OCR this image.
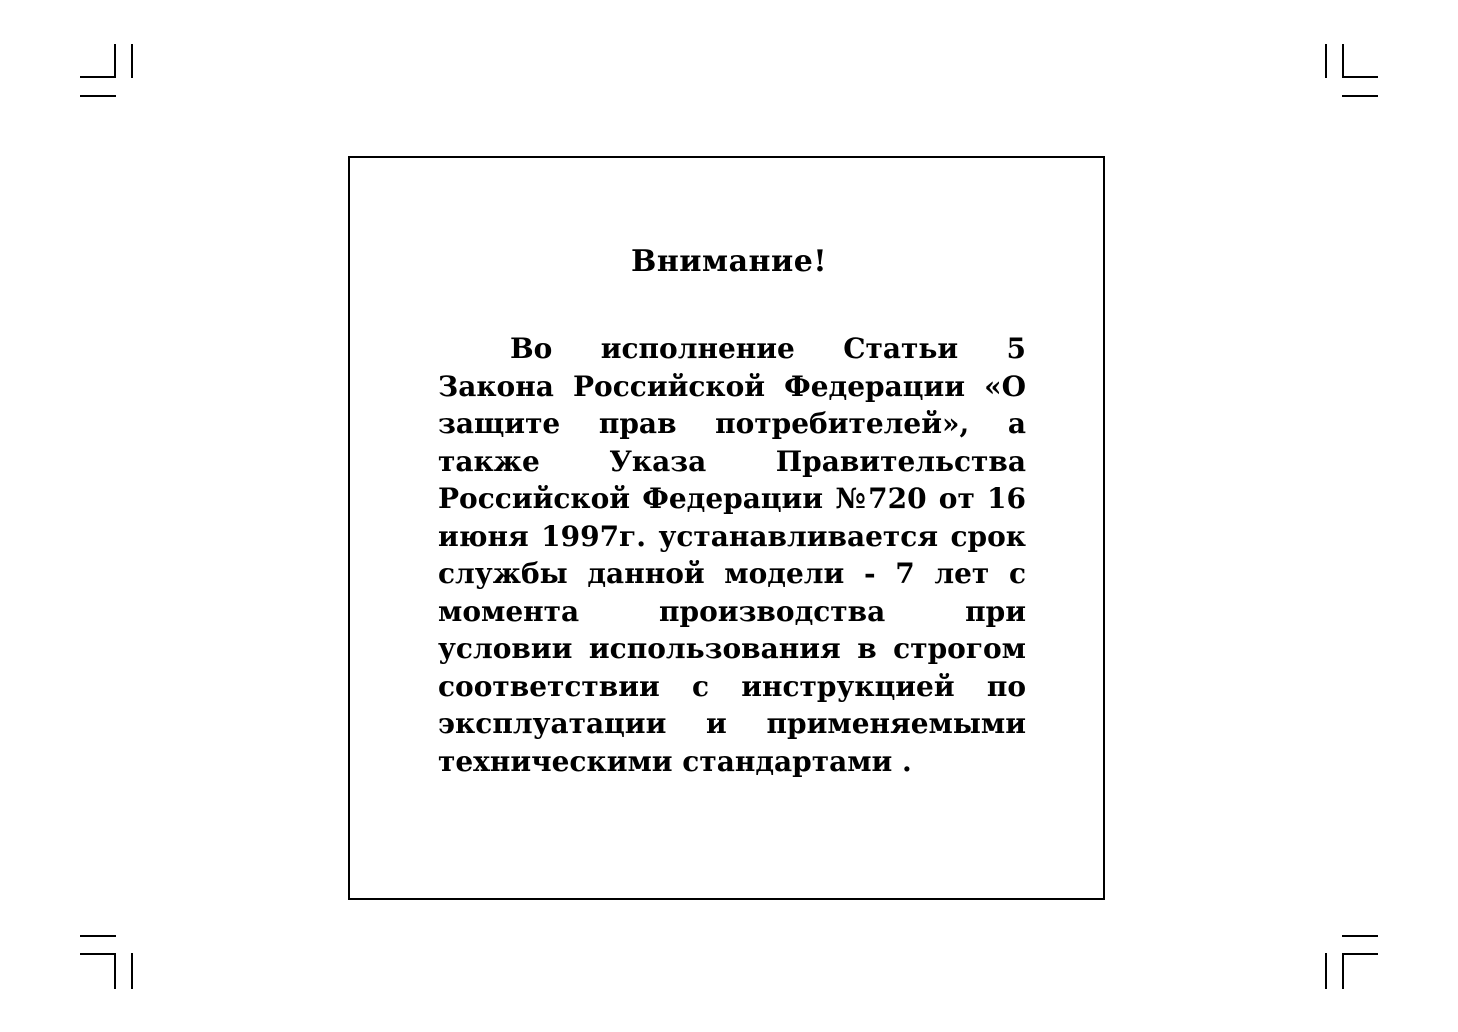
Внимание!

Во исполнение Статьи 5 Закона Российской Федерации «О защите прав потребителей», а также Указа Правительства Российской Федерации №720 от 16 июня 1997г. устанавливается срок службы данной модели - 7 лет с момента производства при условии использования в строгом соответствии с инструкцией по эксплуатации и применяемыми техническими стандартами .
